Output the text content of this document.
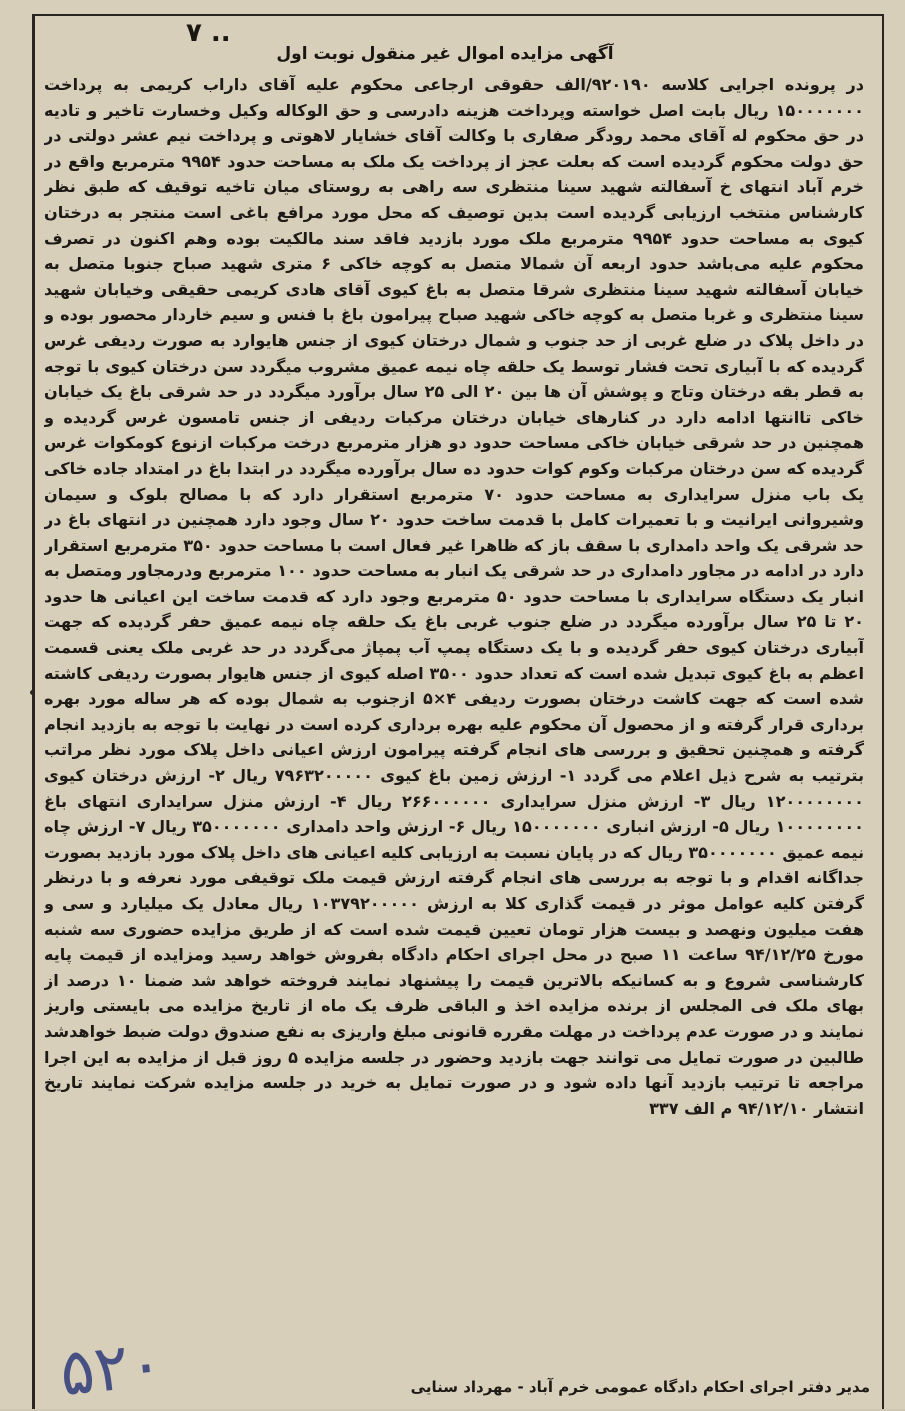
۷ ..
آگهی مزایده اموال غیر منقول نوبت اول
در پرونده اجرایی کلاسه ۹۲۰۱۹۰/الف حقوقی ارجاعی محکوم علیه آقای داراب کریمی به پرداخت ۱۵۰۰۰۰۰۰۰ ریال بابت اصل خواسته وپرداخت هزینه دادرسی و حق الوکاله وکیل وخسارت تاخیر و تادیه در حق محکوم له آقای محمد رودگر صفاری با وکالت آقای خشایار لاهوتی و پرداخت نیم عشر دولتی در حق دولت محکوم گردیده است که بعلت عجز از پرداخت یک ملک به مساحت حدود ۹۹۵۴ مترمربع واقع در خرم آباد انتهای خ آسفالته شهید سینا منتظری سه راهی به روستای میان تاخیه توقیف که طبق نظر کارشناس منتخب ارزیابی گردیده است بدین توصیف که محل مورد مرافع باغی است منتجر به درختان کیوی به مساحت حدود ۹۹۵۴ مترمربع ملک مورد بازدید فاقد سند مالکیت بوده وهم اکنون در تصرف محکوم علیه می‌باشد حدود اربعه آن شمالا متصل به کوچه خاکی ۶ متری شهید صباح جنوبا متصل به خیابان آسفالته شهید سینا منتظری شرقا متصل به باغ کیوی آقای هادی کریمی حقیقی وخیابان شهید سینا منتظری و غربا متصل به کوچه خاکی شهید صباح پیرامون باغ با فنس و سیم خاردار محصور بوده و در داخل پلاک در ضلع غربی از حد جنوب و شمال درختان کیوی از جنس هایوارد به صورت ردیفی غرس گردیده که با آبیاری تحت فشار توسط یک حلقه چاه نیمه عمیق مشروب میگردد سن درختان کیوی با توجه به قطر بقه درختان وتاج و پوشش آن ها بین ۲۰ الی ۲۵ سال برآورد میگردد در حد شرقی باغ یک خیابان خاکی تاانتها ادامه دارد در کنارهای خیابان درختان مرکبات ردیفی از جنس تامسون غرس گردیده و همچنین در حد شرقی خیابان خاکی مساحت حدود دو هزار مترمربع درخت مرکبات ازنوع کومکوات غرس گردیده که سن درختان مرکبات وکوم کوات حدود ده سال برآورده میگردد در ابتدا باغ در امتداد جاده خاکی یک باب منزل سرایداری به مساحت حدود ۷۰ مترمربع استقرار دارد که با مصالح بلوک و سیمان وشیروانی ایرانیت و با تعمیرات کامل با قدمت ساخت حدود ۲۰ سال وجود دارد همچنین در انتهای باغ در حد شرقی یک واحد دامداری با سقف باز که ظاهرا غیر فعال است با مساحت حدود ۳۵۰ مترمربع استقرار دارد در ادامه در مجاور دامداری در حد شرقی یک انبار به مساحت حدود ۱۰۰ مترمربع ودرمجاور ومتصل به انبار یک دستگاه سرایداری با مساحت حدود ۵۰ مترمربع وجود دارد که قدمت ساخت این اعیانی ها حدود ۲۰ تا ۲۵ سال برآورده میگردد در ضلع جنوب غربی باغ یک حلقه چاه نیمه عمیق حفر گردیده که جهت آبیاری درختان کیوی حفر گردیده و با یک دستگاه پمپ آب پمپاژ می‌گردد در حد غربی ملک یعنی قسمت اعظم به باغ کیوی تبدیل شده است که تعداد حدود ۳۵۰۰ اصله کیوی از جنس هایوار بصورت ردیفی کاشته شده است که جهت کاشت درختان بصورت ردیفی ۴×۵ ازجنوب به شمال بوده که هر ساله مورد بهره برداری قرار گرفته و از محصول آن محکوم علیه بهره برداری کرده است در نهایت با توجه به بازدید انجام گرفته و همچنین تحقیق و بررسی های انجام گرفته پیرامون ارزش اعیانی داخل پلاک مورد نظر مراتب بترتیب به شرح ذیل اعلام می گردد ۱- ارزش زمین باغ کیوی ۷۹۶۳۲۰۰۰۰۰ ریال ۲- ارزش درختان کیوی ۱۲۰۰۰۰۰۰۰۰ ریال ۳- ارزش منزل سرایداری ۲۶۶۰۰۰۰۰۰ ریال ۴- ارزش منزل سرایداری انتهای باغ ۱۰۰۰۰۰۰۰۰ ریال ۵- ارزش انباری ۱۵۰۰۰۰۰۰۰ ریال ۶- ارزش واحد دامداری ۳۵۰۰۰۰۰۰۰ ریال ۷- ارزش چاه نیمه عمیق ۳۵۰۰۰۰۰۰۰ ریال که در پایان نسبت به ارزیابی کلیه اعیانی های داخل پلاک مورد بازدید بصورت جداگانه اقدام و با توجه به بررسی های انجام گرفته ارزش قیمت ملک توقیفی مورد نعرفه و با درنظر گرفتن کلیه عوامل موثر در قیمت گذاری کلا به ارزش ۱۰۳۷۹۲۰۰۰۰۰ ریال معادل یک میلیارد و سی و هفت میلیون ونهصد و بیست هزار تومان تعیین قیمت شده است که از طریق مزایده حضوری سه شنبه مورخ ۹۴/۱۲/۲۵ ساعت ۱۱ صبح در محل اجرای احکام دادگاه بفروش خواهد رسید ومزایده از قیمت پایه کارشناسی شروع و به کسانیکه بالاترین قیمت را پیشنهاد نمایند فروخته خواهد شد ضمنا ۱۰ درصد از بهای ملک فی المجلس از برنده مزایده اخذ و الباقی ظرف یک ماه از تاریخ مزایده می بایستی واریز نمایند و در صورت عدم پرداخت در مهلت مقرره قانونی مبلغ واریزی به نفع صندوق دولت ضبط خواهدشد طالبین در صورت تمایل می توانند جهت بازدید وحضور در جلسه مزایده ۵ روز قبل از مزایده به این اجرا مراجعه تا ترتیب بازدید آنها داده شود و در صورت تمایل به خرید در جلسه مزایده شرکت نمایند تاریخ انتشار ۹۴/۱۲/۱۰ م الف ۳۳۷
۵۲۰	مدیر دفتر اجرای احکام دادگاه عمومی خرم آباد - مهرداد سنایی
